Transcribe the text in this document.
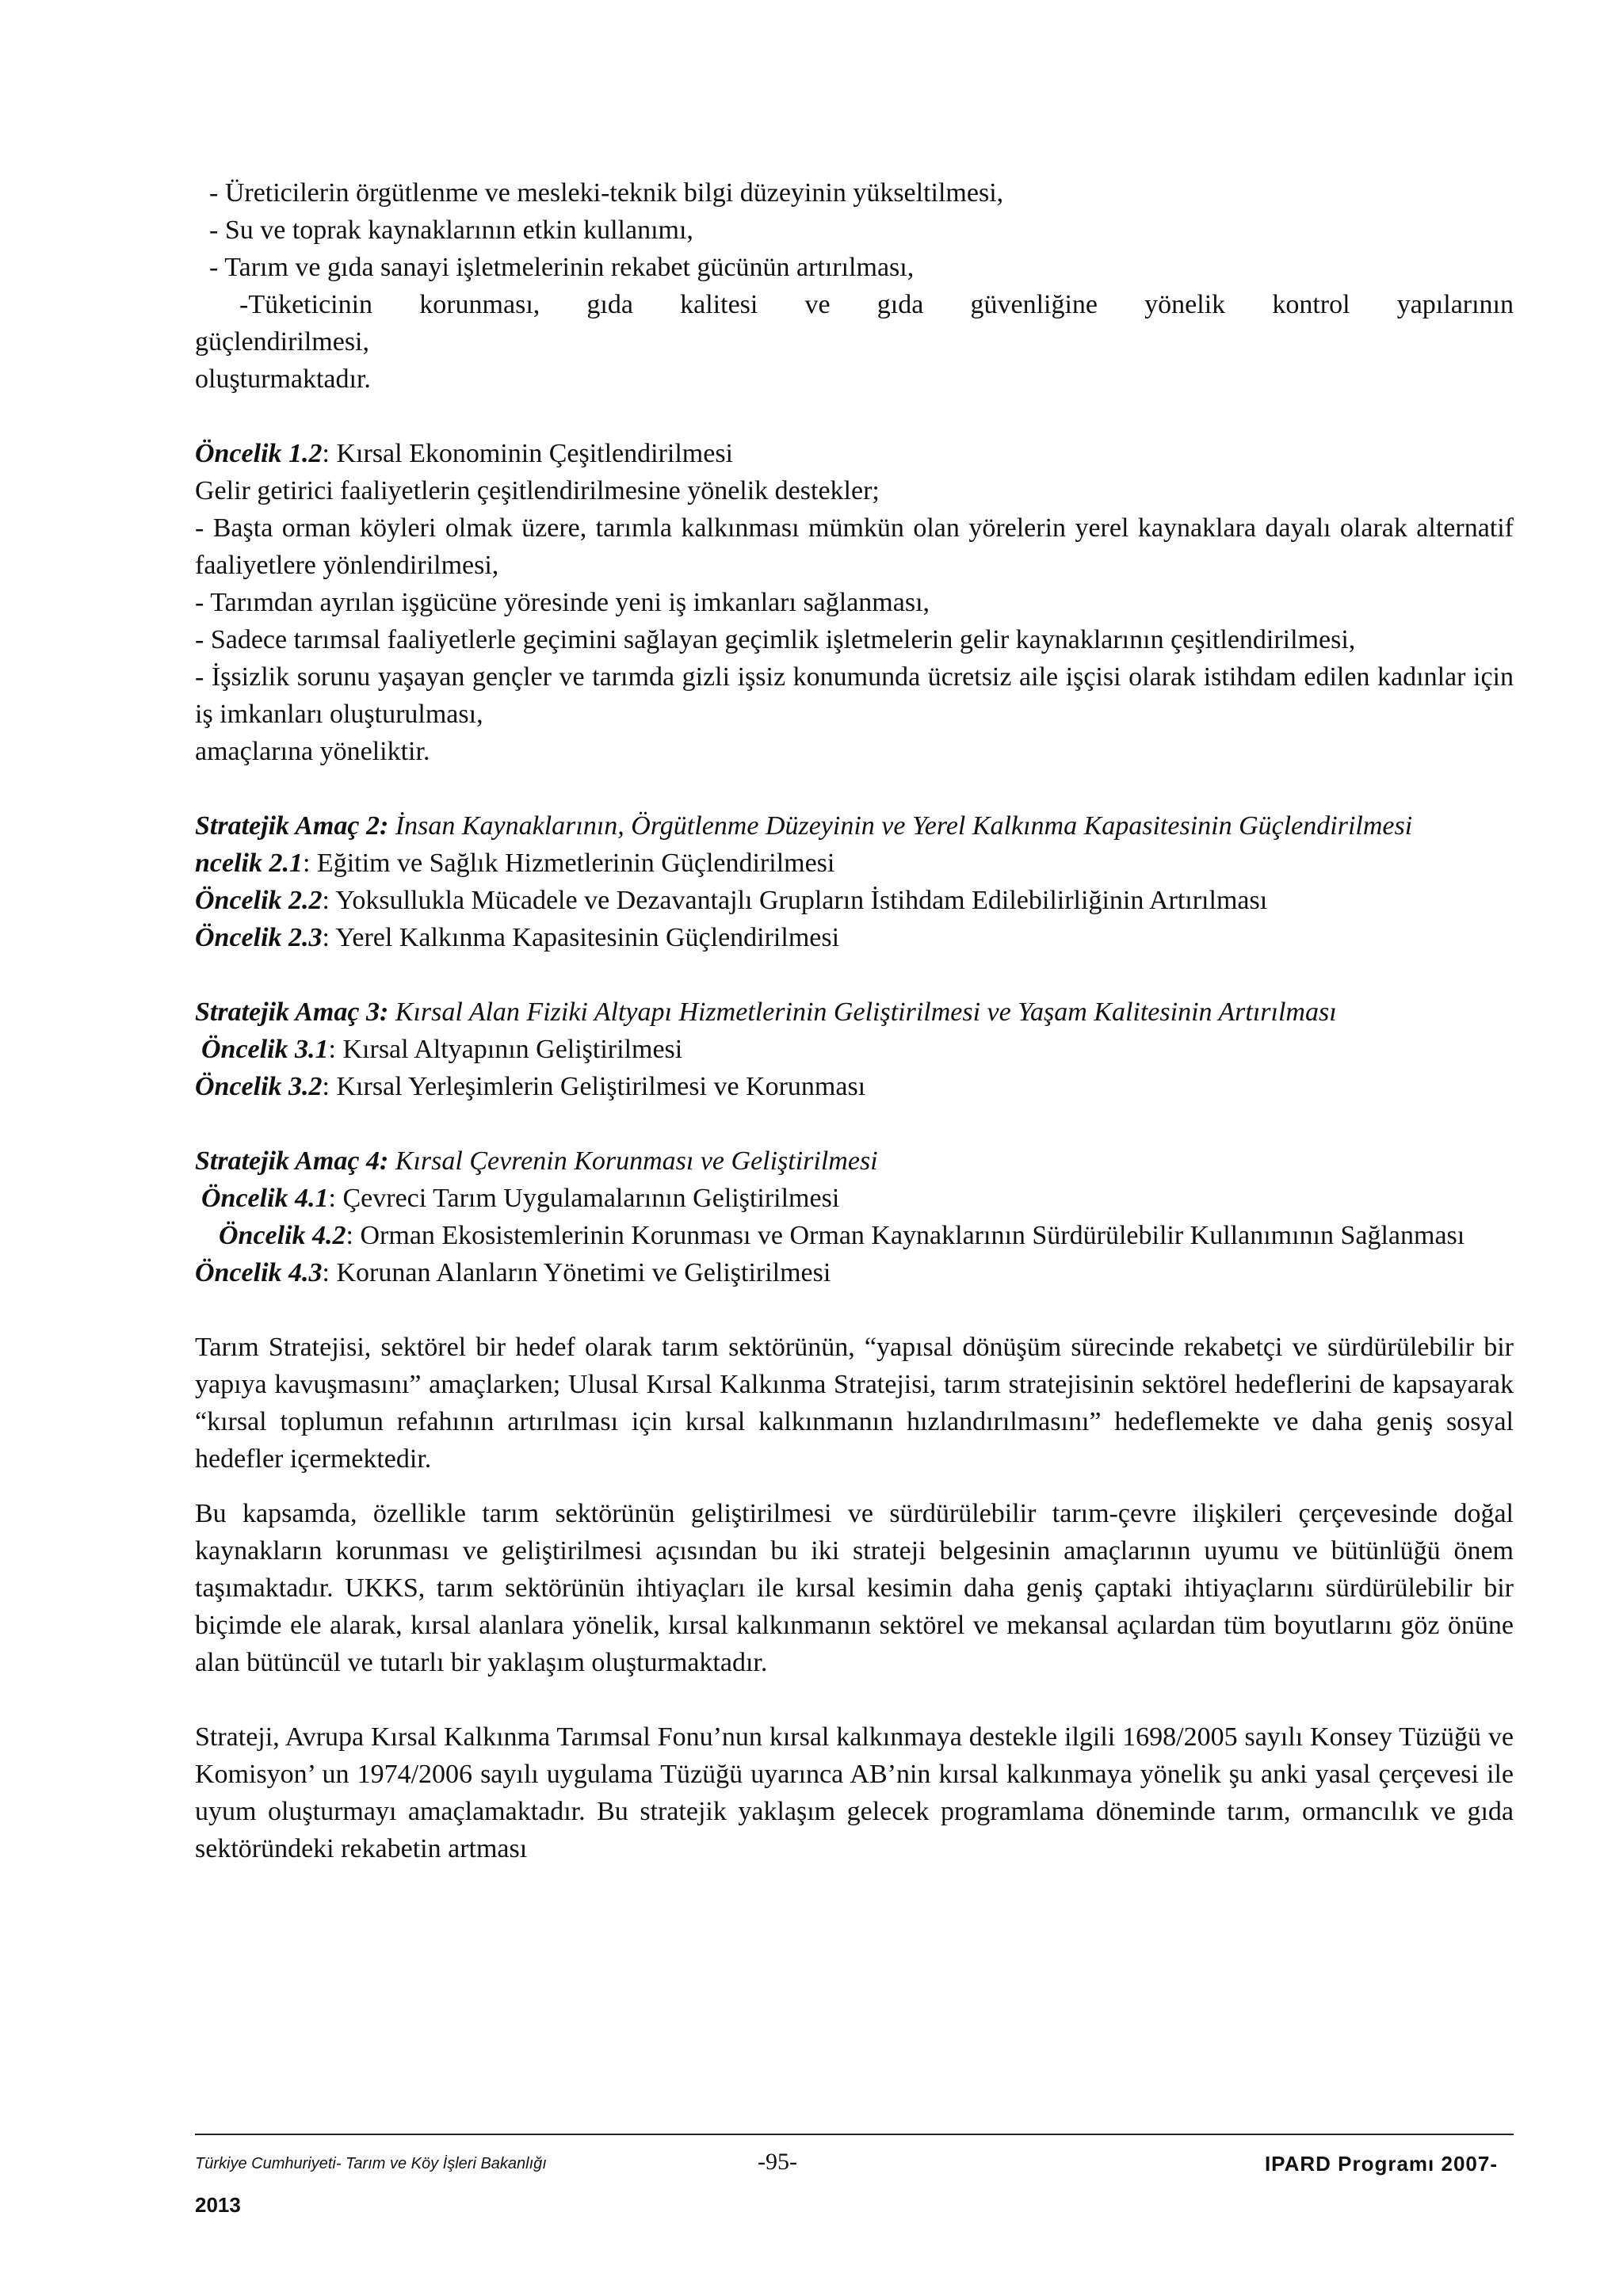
- Üreticilerin örgütlenme ve mesleki-teknik bilgi düzeyinin yükseltilmesi,

- Su ve toprak kaynaklarının etkin kullanımı,

- Tarım ve gıda sanayi işletmelerinin rekabet gücünün artırılması,

-Tüketicinin korunması, gıda kalitesi ve gıda güvenliğine yönelik kontrol yapılarının

güçlendirilmesi,

oluşturmaktadır.

Öncelik 1.2: Kırsal Ekonominin Çeşitlendirilmesi

Gelir getirici faaliyetlerin çeşitlendirilmesine yönelik destekler;

- Başta orman köyleri olmak üzere, tarımla kalkınması mümkün olan yörelerin yerel kaynaklara dayalı olarak alternatif faaliyetlere yönlendirilmesi,

- Tarımdan ayrılan işgücüne yöresinde yeni iş imkanları sağlanması,

- Sadece tarımsal faaliyetlerle geçimini sağlayan geçimlik işletmelerin gelir kaynaklarının çeşitlendirilmesi,

- İşsizlik sorunu yaşayan gençler ve tarımda gizli işsiz konumunda ücretsiz aile işçisi olarak istihdam edilen kadınlar için iş imkanları oluşturulması,

amaçlarına yöneliktir.

Stratejik Amaç 2: İnsan Kaynaklarının, Örgütlenme Düzeyinin ve Yerel Kalkınma Kapasitesinin Güçlendirilmesi

ncelik 2.1: Eğitim ve Sağlık Hizmetlerinin Güçlendirilmesi

Öncelik 2.2: Yoksullukla Mücadele ve Dezavantajlı Grupların İstihdam Edilebilirliğinin Artırılması

Öncelik 2.3: Yerel Kalkınma Kapasitesinin Güçlendirilmesi

Stratejik Amaç 3: Kırsal Alan Fiziki Altyapı Hizmetlerinin Geliştirilmesi ve Yaşam Kalitesinin Artırılması

Öncelik 3.1: Kırsal Altyapının Geliştirilmesi

Öncelik 3.2: Kırsal Yerleşimlerin Geliştirilmesi ve Korunması

Stratejik Amaç 4: Kırsal Çevrenin Korunması ve Geliştirilmesi

Öncelik 4.1: Çevreci Tarım Uygulamalarının Geliştirilmesi

Öncelik 4.2: Orman Ekosistemlerinin Korunması ve Orman Kaynaklarının Sürdürülebilir Kullanımının Sağlanması

Öncelik 4.3: Korunan Alanların Yönetimi ve Geliştirilmesi

Tarım Stratejisi, sektörel bir hedef olarak tarım sektörünün, “yapısal dönüşüm sürecinde rekabetçi ve sürdürülebilir bir yapıya kavuşmasını” amaçlarken; Ulusal Kırsal Kalkınma Stratejisi, tarım stratejisinin sektörel hedeflerini de kapsayarak “kırsal toplumun refahının artırılması için kırsal kalkınmanın hızlandırılmasını” hedeflemekte ve daha geniş sosyal hedefler içermektedir.

Bu kapsamda, özellikle tarım sektörünün geliştirilmesi ve sürdürülebilir tarım-çevre ilişkileri çerçevesinde doğal kaynakların korunması ve geliştirilmesi açısından bu iki strateji belgesinin amaçlarının uyumu ve bütünlüğü önem taşımaktadır. UKKS, tarım sektörünün ihtiyaçları ile kırsal kesimin daha geniş çaptaki ihtiyaçlarını sürdürülebilir bir biçimde ele alarak, kırsal alanlara yönelik, kırsal kalkınmanın sektörel ve mekansal açılardan tüm boyutlarını göz önüne alan bütüncül ve tutarlı bir yaklaşım oluşturmaktadır.

Strateji, Avrupa Kırsal Kalkınma Tarımsal Fonu’nun kırsal kalkınmaya destekle ilgili 1698/2005 sayılı Konsey Tüzüğü ve Komisyon’ un 1974/2006 sayılı uygulama Tüzüğü uyarınca AB’nin kırsal kalkınmaya yönelik şu anki yasal çerçevesi ile uyum oluşturmayı amaçlamaktadır. Bu stratejik yaklaşım gelecek programlama döneminde tarım, ormancılık ve gıda sektöründeki rekabetin artması

Türkiye Cumhuriyeti- Tarım ve Köy İşleri Bakanlığı	-95-	IPARD Programı 2007-
2013
